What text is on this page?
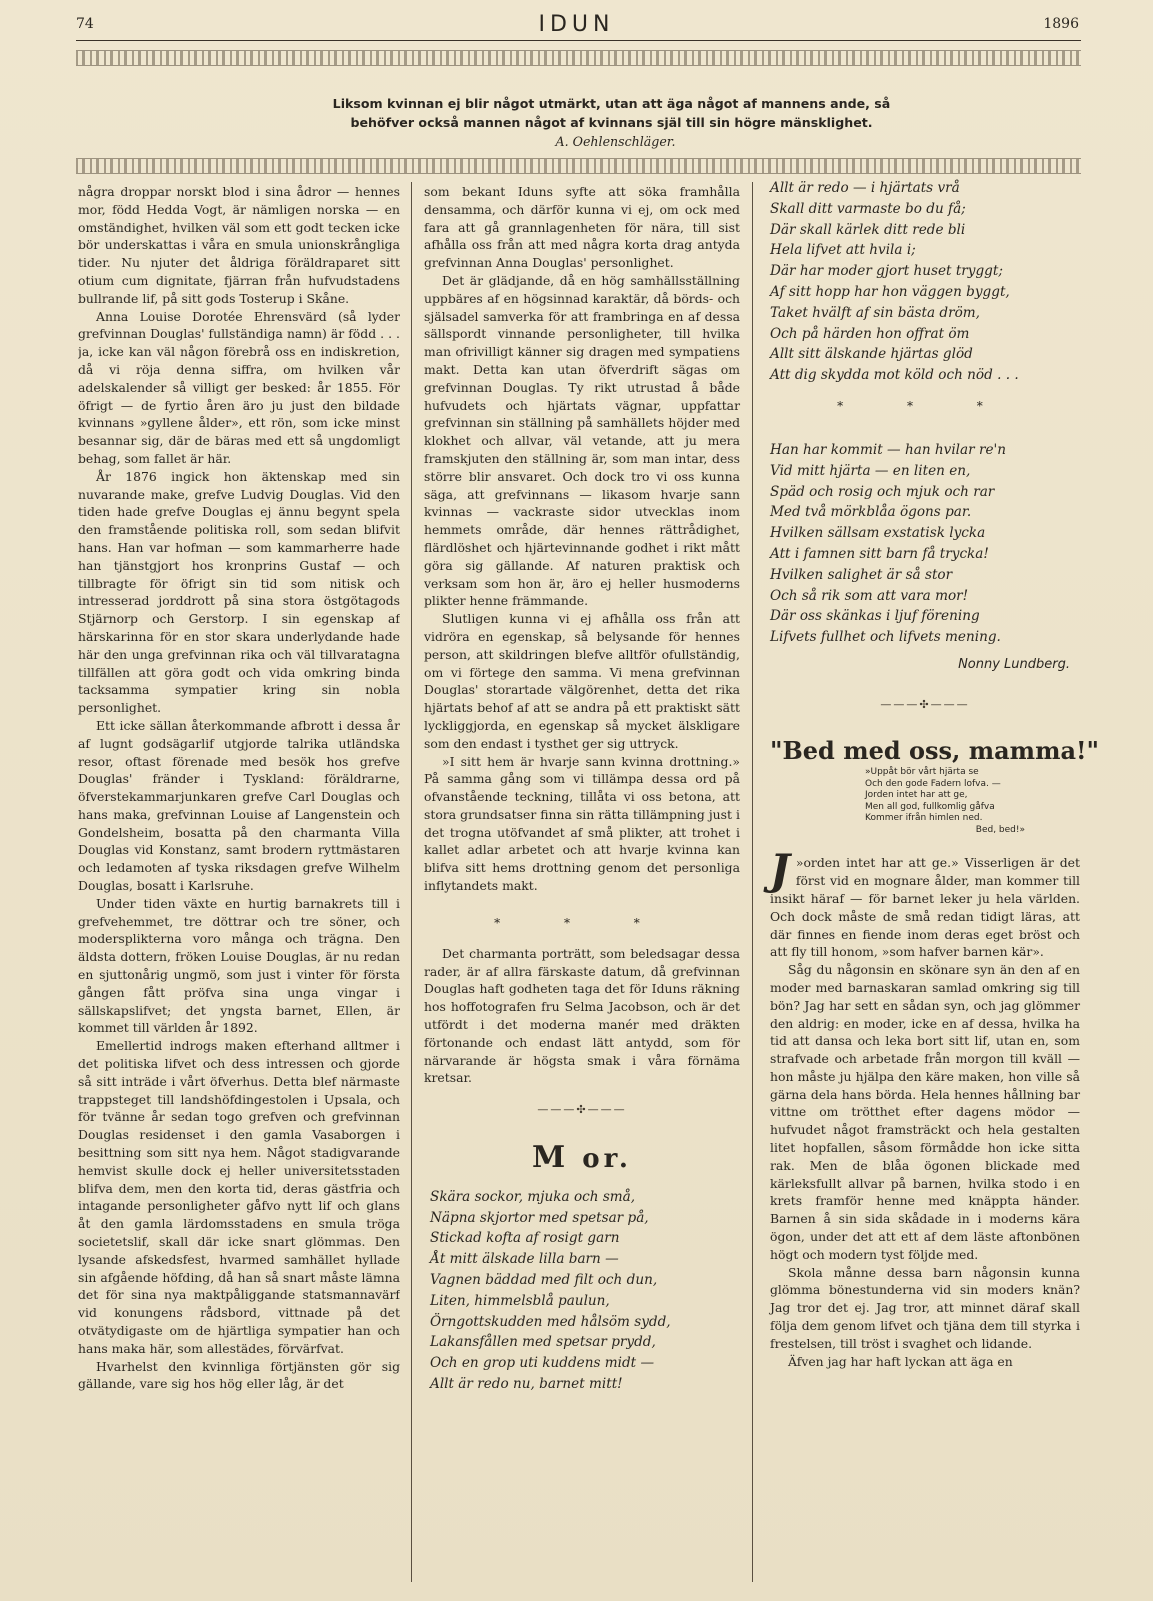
74	IDUN	1896
Liksom kvinnan ej blir något utmärkt, utan att äga något af mannens ande, så
behöfver också mannen något af kvinnans själ till sin högre mänsklighet.
A. Oehlenschläger.

några droppar norskt blod i sina ådror — hennes mor, född Hedda Vogt, är nämligen norska — en omständighet, hvilken väl som ett godt tecken icke bör underskattas i våra en smula unionskrångliga tider. Nu njuter det åldriga föräldraparet sitt otium cum dignitate, fjärran från hufvudstadens bullrande lif, på sitt gods Tosterup i Skåne.

Anna Louise Dorotée Ehrensvärd (så lyder grefvinnan Douglas' fullständiga namn) är född . . . ja, icke kan väl någon förebrå oss en indiskretion, då vi röja denna siffra, om hvilken vår adelskalender så villigt ger besked: år 1855. För öfrigt — de fyrtio åren äro ju just den bildade kvinnans »gyllene ålder», ett rön, som icke minst besannar sig, där de bäras med ett så ungdomligt behag, som fallet är här.

År 1876 ingick hon äktenskap med sin nuvarande make, grefve Ludvig Douglas. Vid den tiden hade grefve Douglas ej ännu begynt spela den framstående politiska roll, som sedan blifvit hans. Han var hofman — som kammarherre hade han tjänstgjort hos kronprins Gustaf — och tillbragte för öfrigt sin tid som nitisk och intresserad jorddrott på sina stora östgötagods Stjärnorp och Gerstorp. I sin egenskap af härskarinna för en stor skara underlydande hade här den unga grefvinnan rika och väl tillvaratagna tillfällen att göra godt och vida omkring binda tacksamma sympatier kring sin nobla personlighet.

Ett icke sällan återkommande afbrott i dessa år af lugnt godsägarlif utgjorde talrika utländska resor, oftast förenade med besök hos grefve Douglas' fränder i Tyskland: föräldrarne, öfverstekammarjunkaren grefve Carl Douglas och hans maka, grefvinnan Louise af Langenstein och Gondelsheim, bosatta på den charmanta Villa Douglas vid Konstanz, samt brodern ryttmästaren och ledamoten af tyska riksdagen grefve Wilhelm Douglas, bosatt i Karlsruhe.

Under tiden växte en hurtig barnakrets till i grefvehemmet, tre döttrar och tre söner, och modersplikterna voro många och trägna. Den äldsta dottern, fröken Louise Douglas, är nu redan en sjuttonårig ungmö, som just i vinter för första gången fått pröfva sina unga vingar i sällskapslifvet; det yngsta barnet, Ellen, är kommet till världen år 1892.

Emellertid indrogs maken efterhand alltmer i det politiska lifvet och dess intressen och gjorde så sitt inträde i vårt öfverhus. Detta blef närmaste trappsteget till landshöfdingestolen i Upsala, och för tvänne år sedan togo grefven och grefvinnan Douglas residenset i den gamla Vasaborgen i besittning som sitt nya hem. Något stadigvarande hemvist skulle dock ej heller universitetsstaden blifva dem, men den korta tid, deras gästfria och intagande personligheter gåfvo nytt lif och glans åt den gamla lärdomsstadens en smula tröga societetslif, skall där icke snart glömmas. Den lysande afskedsfest, hvarmed samhället hyllade sin afgående höfding, då han så snart måste lämna det för sina nya maktpåliggande statsmannavärf vid konungens rådsbord, vittnade på det otvätydigaste om de hjärtliga sympatier han och hans maka här, som allestädes, förvärfvat.

Hvarhelst den kvinnliga förtjänsten gör sig gällande, vare sig hos hög eller låg, är det

som bekant Iduns syfte att söka framhålla densamma, och därför kunna vi ej, om ock med fara att gå grannlagenheten för nära, till sist afhålla oss från att med några korta drag antyda grefvinnan Anna Douglas' personlighet.

Det är glädjande, då en hög samhällsställning uppbäres af en högsinnad karaktär, då börds- och själsadel samverka för att frambringa en af dessa sällspordt vinnande personligheter, till hvilka man ofrivilligt känner sig dragen med sympatiens makt. Detta kan utan öfverdrift sägas om grefvinnan Douglas. Ty rikt utrustad å både hufvudets och hjärtats vägnar, uppfattar grefvinnan sin ställning på samhällets höjder med klokhet och allvar, väl vetande, att ju mera framskjuten den ställning är, som man intar, dess större blir ansvaret. Och dock tro vi oss kunna säga, att grefvinnans — likasom hvarje sann kvinnas — vackraste sidor utvecklas inom hemmets område, där hennes rättrådighet, flärdlöshet och hjärtevinnande godhet i rikt mått göra sig gällande. Af naturen praktisk och verksam som hon är, äro ej heller husmoderns plikter henne främmande.

Slutligen kunna vi ej afhålla oss från att vidröra en egenskap, så belysande för hennes person, att skildringen blefve alltför ofullständig, om vi förtege den samma. Vi mena grefvinnan Douglas' storartade välgörenhet, detta det rika hjärtats behof af att se andra på ett praktiskt sätt lyckliggjorda, en egenskap så mycket älskligare som den endast i tysthet ger sig uttryck.

»I sitt hem är hvarje sann kvinna drottning.» På samma gång som vi tillämpa dessa ord på ofvanstående teckning, tillåta vi oss betona, att stora grundsatser finna sin rätta tillämpning just i det trogna utöfvandet af små plikter, att trohet i kallet adlar arbetet och att hvarje kvinna kan blifva sitt hems drottning genom det personliga inflytandets makt.

* * *

Det charmanta porträtt, som beledsagar dessa rader, är af allra färskaste datum, då grefvinnan Douglas haft godheten taga det för Iduns räkning hos hoffotografen fru Selma Jacobson, och är det utfördt i det moderna manér med dräkten förtonande och endast lätt antydd, som för närvarande är högsta smak i våra förnäma kretsar.

———✣———
M or.
Skära sockor, mjuka och små,
Näpna skjortor med spetsar på,
Stickad kofta af rosigt garn
Åt mitt älskade lilla barn —
Vagnen bäddad med filt och dun,
Liten, himmelsblå paulun,
Örngottskudden med hålsöm sydd,
Lakansfållen med spetsar prydd,
Och en grop uti kuddens midt —
Allt är redo nu, barnet mitt!
Allt är redo — i hjärtats vrå
Skall ditt varmaste bo du få;
Där skall kärlek ditt rede bli
Hela lifvet att hvila i;
Där har moder gjort huset tryggt;
Af sitt hopp har hon väggen byggt,
Taket hvälft af sin bästa dröm,
Och på härden hon offrat öm
Allt sitt älskande hjärtas glöd
Att dig skydda mot köld och nöd . . .
* * *
Han har kommit — han hvilar re'n
Vid mitt hjärta — en liten en,
Späd och rosig och mjuk och rar
Med två mörkblåa ögons par.
Hvilken sällsam exstatisk lycka
Att i famnen sitt barn få trycka!
Hvilken salighet är så stor
Och så rik som att vara mor!
Där oss skänkas i ljuf förening
Lifvets fullhet och lifvets mening.
Nonny Lundberg.
———✣———
"Bed med oss, mamma!"
»Uppåt bör vårt hjärta se
Och den gode Fadern lofva. —
Jorden intet har att ge,
Men all god, fullkomlig gåfva
Kommer ifrån himlen ned.
Bed, bed!»

J »orden intet har att ge.» Visserligen är det först vid en mognare ålder, man kommer till insikt häraf — för barnet leker ju hela världen. Och dock måste de små redan tidigt läras, att där finnes en fiende inom deras eget bröst och att fly till honom, »som hafver barnen kär».

Såg du någonsin en skönare syn än den af en moder med barnaskaran samlad omkring sig till bön? Jag har sett en sådan syn, och jag glömmer den aldrig: en moder, icke en af dessa, hvilka ha tid att dansa och leka bort sitt lif, utan en, som strafvade och arbetade från morgon till kväll — hon måste ju hjälpa den käre maken, hon ville så gärna dela hans börda. Hela hennes hållning bar vittne om trötthet efter dagens mödor — hufvudet något framsträckt och hela gestalten litet hopfallen, såsom förmådde hon icke sitta rak. Men de blåa ögonen blickade med kärleksfullt allvar på barnen, hvilka stodo i en krets framför henne med knäppta händer. Barnen å sin sida skådade in i moderns kära ögon, under det att ett af dem läste aftonbönen högt och modern tyst följde med.

Skola månne dessa barn någonsin kunna glömma bönestunderna vid sin moders knän? Jag tror det ej. Jag tror, att minnet däraf skall följa dem genom lifvet och tjäna dem till styrka i frestelsen, till tröst i svaghet och lidande.

Äfven jag har haft lyckan att äga en
